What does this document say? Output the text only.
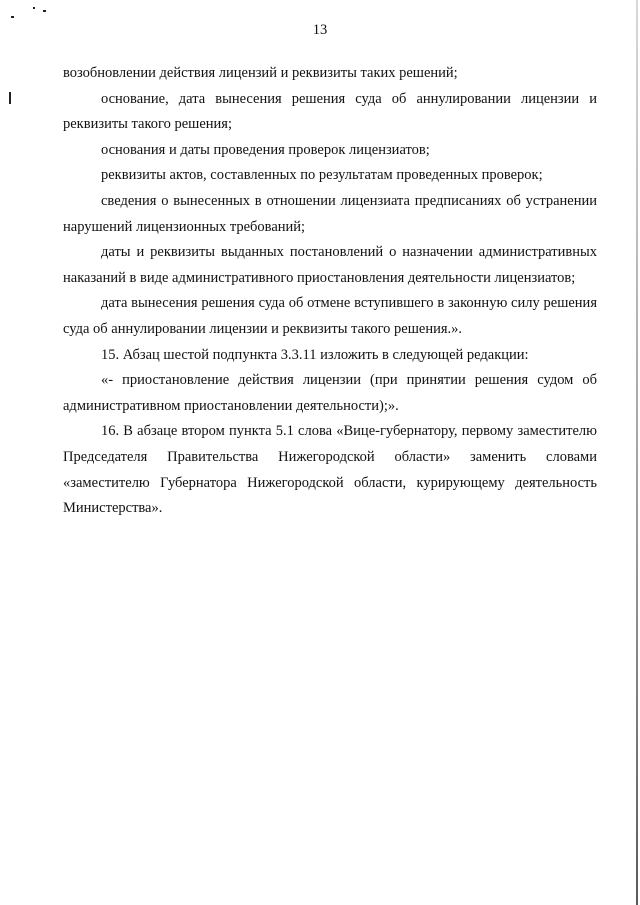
13

возобновлении действия лицензий и реквизиты таких решений;

основание, дата вынесения решения суда об аннулировании лицензии и реквизиты такого решения;

основания и даты проведения проверок лицензиатов;

реквизиты актов, составленных по результатам проведенных проверок;

сведения о вынесенных в отношении лицензиата предписаниях об устранении нарушений лицензионных требований;

даты и реквизиты выданных постановлений о назначении административных наказаний в виде административного приостановления деятельности лицензиатов;

дата вынесения решения суда об отмене вступившего в законную силу решения суда об аннулировании лицензии и реквизиты такого решения.».

15. Абзац шестой подпункта 3.3.11 изложить в следующей редакции:

«- приостановление действия лицензии (при принятии решения судом об административном приостановлении деятельности);».

16. В абзаце втором пункта 5.1 слова «Вице-губернатору, первому заместителю Председателя Правительства Нижегородской области» заменить словами «заместителю Губернатора Нижегородской области, курирующему деятельность Министерства».
